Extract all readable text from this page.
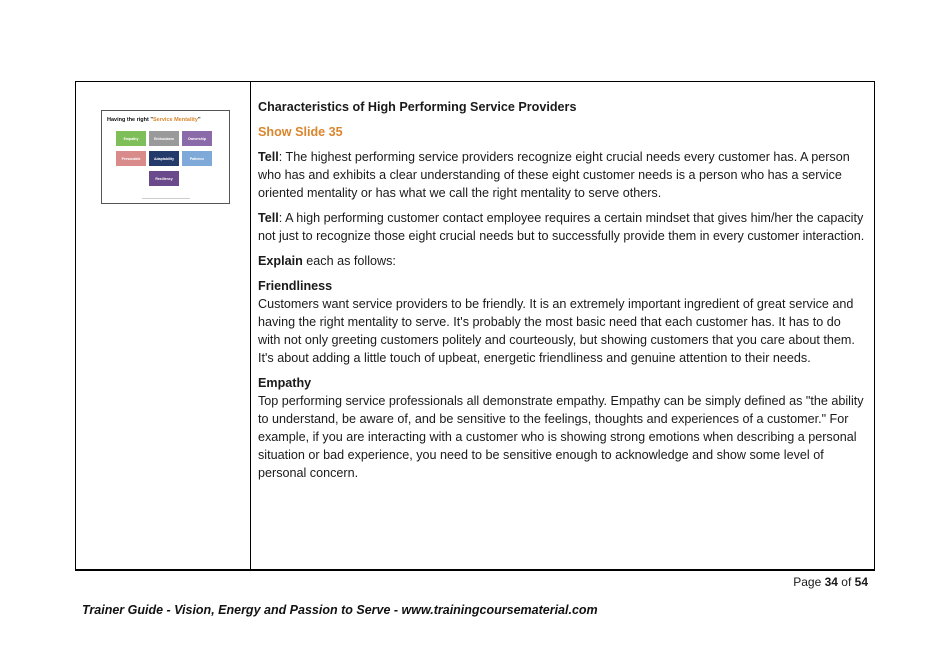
Having the right "Service Mentality"
Empathy	Enthusiasm	Ownership
Personable	Adaptability	Patience
Resiliency

Characteristics of High Performing Service Providers

Show Slide 35

Tell: The highest performing service providers recognize eight crucial needs every customer has. A person who has and exhibits a clear understanding of these eight customer needs is a person who has a service oriented mentality or has what we call the right mentality to serve others.

Tell: A high performing customer contact employee requires a certain mindset that gives him/her the capacity not just to recognize those eight crucial needs but to successfully provide them in every customer interaction.

Explain each as follows:

Friendliness
Customers want service providers to be friendly. It is an extremely important ingredient of great service and having the right mentality to serve. It's probably the most basic need that each customer has. It has to do with not only greeting customers politely and courteously, but showing customers that you care about them. It's about adding a little touch of upbeat, energetic friendliness and genuine attention to their needs.

Empathy
Top performing service professionals all demonstrate empathy. Empathy can be simply defined as "the ability to understand, be aware of, and be sensitive to the feelings, thoughts and experiences of a customer." For example, if you are interacting with a customer who is showing strong emotions when describing a personal situation or bad experience, you need to be sensitive enough to acknowledge and show some level of personal concern.

Page 34 of 54
Trainer Guide - Vision, Energy and Passion to Serve - www.trainingcoursematerial.com
